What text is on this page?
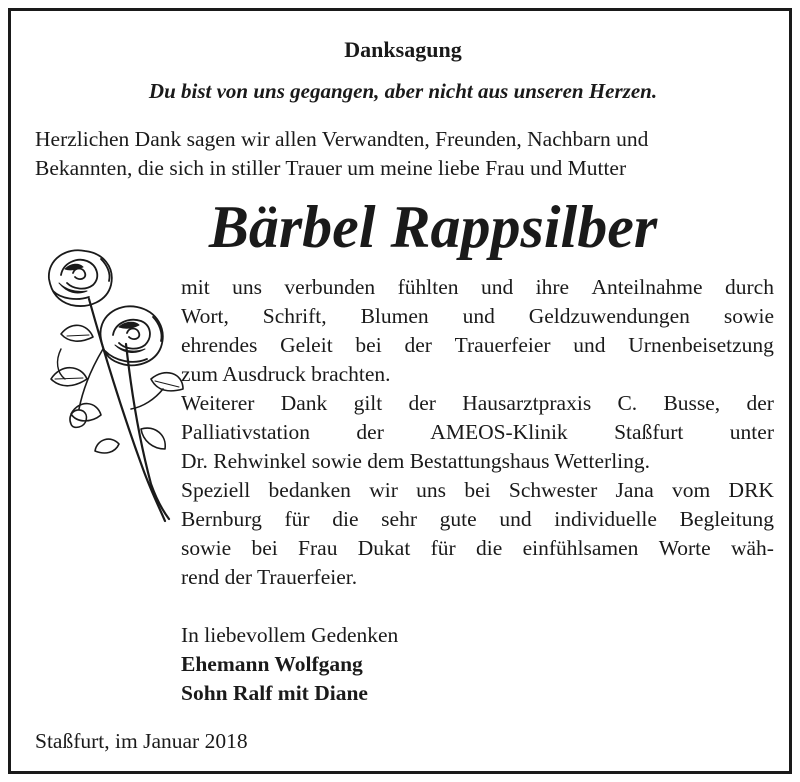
Danksagung
Du bist von uns gegangen, aber nicht aus unseren Herzen.
Herzlichen Dank sagen wir allen Verwandten, Freunden, Nachbarn und
Bekannten, die sich in stiller Trauer um meine liebe Frau und Mutter
Bärbel Rappsilber
mit uns verbunden fühlten und ihre Anteilnahme durch
Wort, Schrift, Blumen und Geldzuwendungen sowie
ehrendes Geleit bei der Trauerfeier und Urnenbeisetzung
zum Ausdruck brachten.
Weiterer Dank gilt der Hausarztpraxis C. Busse, der
Palliativstation der AMEOS-Klinik Staßfurt unter
Dr. Rehwinkel sowie dem Bestattungshaus Wetterling.
Speziell bedanken wir uns bei Schwester Jana vom DRK
Bernburg für die sehr gute und individuelle Begleitung
sowie bei Frau Dukat für die einfühlsamen Worte wäh-
rend der Trauerfeier.
In liebevollem Gedenken
Ehemann Wolfgang
Sohn Ralf mit Diane
Staßfurt, im Januar 2018
